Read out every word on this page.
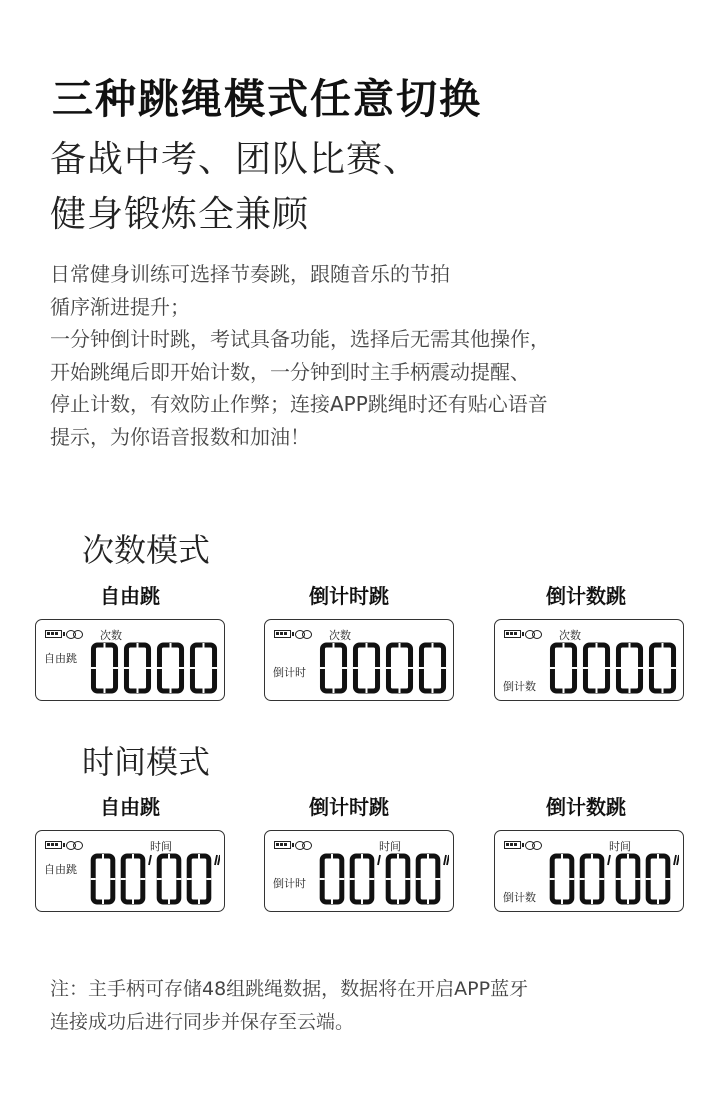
三种跳绳模式任意切换
备战中考、团队比赛、
健身锻炼全兼顾
日常健身训练可选择节奏跳，跟随音乐的节拍
循序渐进提升；
一分钟倒计时跳，考试具备功能，选择后无需其他操作，
开始跳绳后即开始计数，一分钟到时主手柄震动提醒、
停止计数，有效防止作弊；连接APP跳绳时还有贴心语音
提示，为你语音报数和加油！
次数模式
自由跳	倒计时跳	倒计数跳
次数
自由跳
次数
倒计时
次数
倒计数
时间模式
自由跳	倒计时跳	倒计数跳
时间
自由跳
时间
倒计时
时间
倒计数
注：主手柄可存储48组跳绳数据，数据将在开启APP蓝牙
连接成功后进行同步并保存至云端。
